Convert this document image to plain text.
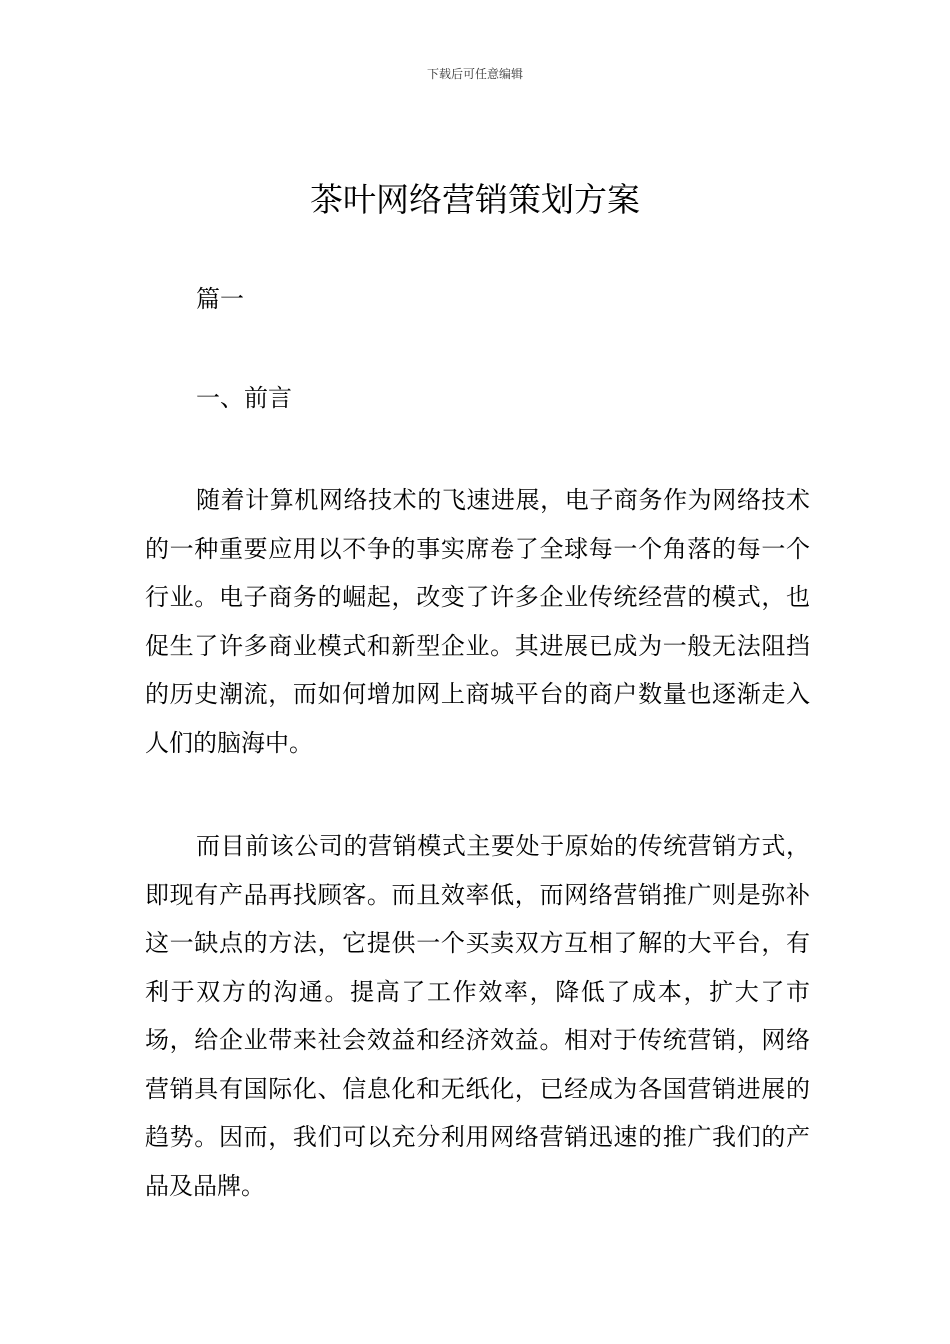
下载后可任意编辑
茶叶网络营销策划方案

篇一

一、前言

随着计算机网络技术的飞速进展，电子商务作为网络技术的一种重要应用以不争的事实席卷了全球每一个角落的每一个行业。电子商务的崛起，改变了许多企业传统经营的模式，也促生了许多商业模式和新型企业。其进展已成为一般无法阻挡的历史潮流，而如何增加网上商城平台的商户数量也逐渐走入人们的脑海中。

而目前该公司的营销模式主要处于原始的传统营销方式，即现有产品再找顾客。而且效率低，而网络营销推广则是弥补这一缺点的方法，它提供一个买卖双方互相了解的大平台，有利于双方的沟通。提高了工作效率，降低了成本，扩大了市场，给企业带来社会效益和经济效益。相对于传统营销，网络营销具有国际化、信息化和无纸化，已经成为各国营销进展的趋势。因而，我们可以充分利用网络营销迅速的推广我们的产品及品牌。
